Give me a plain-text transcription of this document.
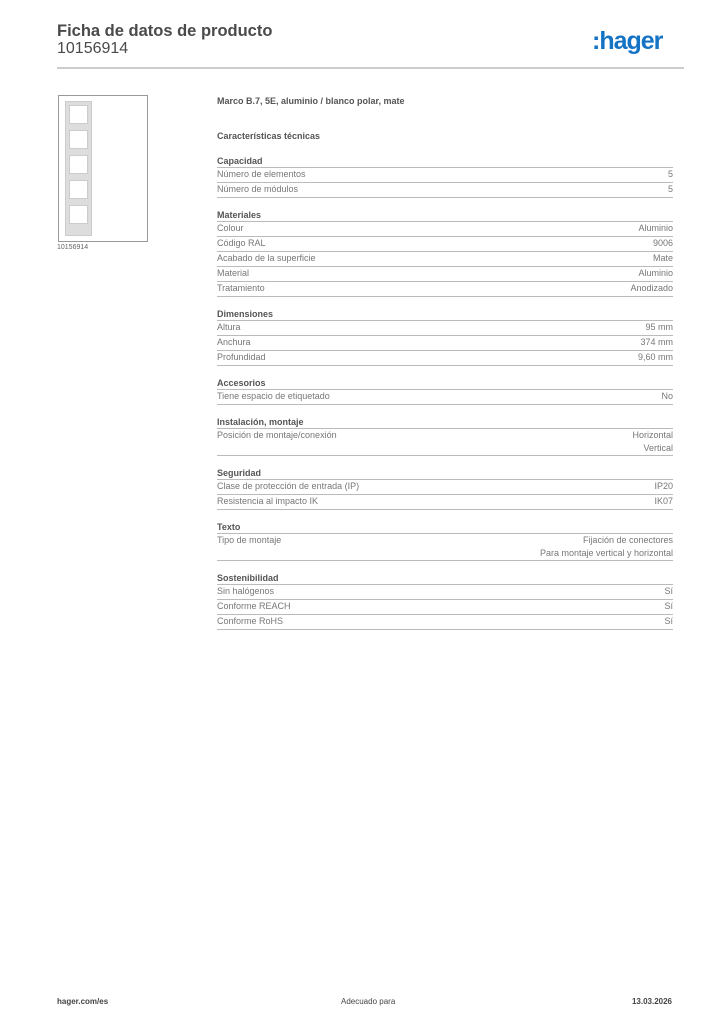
Ficha de datos de producto
10156914	:hager
10156914
Marco B.7, 5E, aluminio / blanco polar, mate
Características técnicas
Capacidad
Número de elementos	5
Número de módulos	5
Materiales
Colour	Aluminio
Código RAL	9006
Acabado de la superficie	Mate
Material	Aluminio
Tratamiento	Anodizado
Dimensiones
Altura	95 mm
Anchura	374 mm
Profundidad	9,60 mm
Accesorios
Tiene espacio de etiquetado	No
Instalación, montaje
Posición de montaje/conexión	Horizontal
Vertical
Seguridad
Clase de protección de entrada (IP)	IP20
Resistencia al impacto IK	IK07
Texto
Tipo de montaje	Fijación de conectores
Para montaje vertical y horizontal
Sostenibilidad
Sin halógenos	Sí
Conforme REACH	Sí
Conforme RoHS	Sí
hager.com/es	Adecuado para	13.03.2026
